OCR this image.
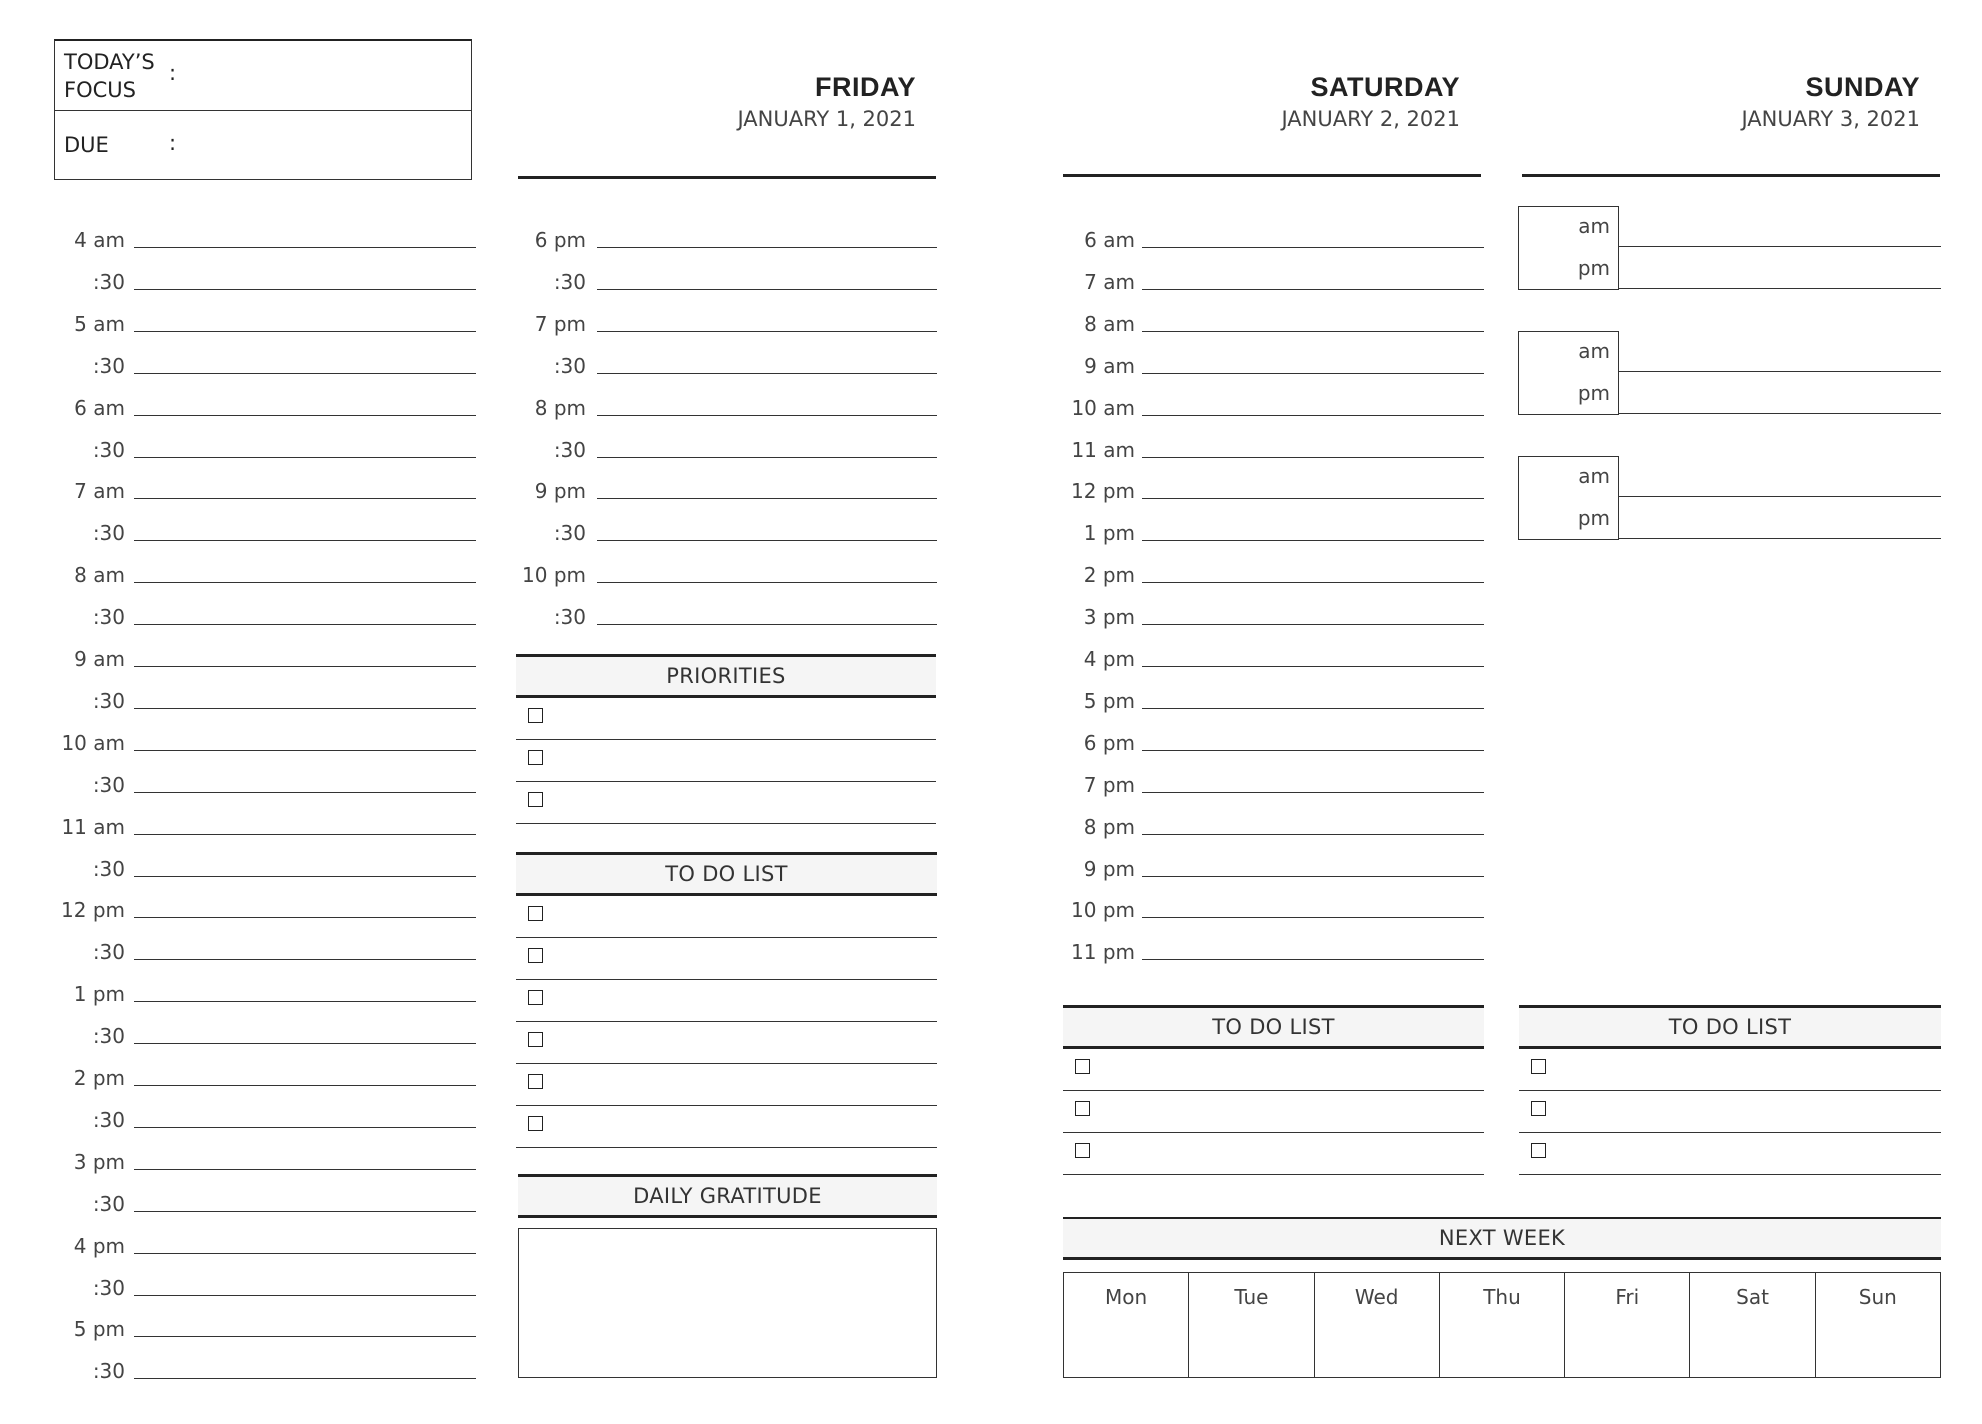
TODAY’S
FOCUS
:
DUE	:
FRIDAY
JANUARY 1, 2021
SATURDAY
JANUARY 2, 2021
SUNDAY
JANUARY 3, 2021
4 am
:30
5 am
:30
6 am
:30
7 am
:30
8 am
:30
9 am
:30
10 am
:30
11 am
:30
12 pm
:30
1 pm
:30
2 pm
:30
3 pm
:30
4 pm
:30
5 pm
:30
6 pm
:30
7 pm
:30
8 pm
:30
9 pm
:30
10 pm
:30
6 am
7 am
8 am
9 am
10 am
11 am
12 pm
1 pm
2 pm
3 pm
4 pm
5 pm
6 pm
7 pm
8 pm
9 pm
10 pm
11 pm
am
pm
am
pm
am
pm
PRIORITIES
TO DO LIST
DAILY GRATITUDE
TO DO LIST	TO DO LIST
NEXT WEEK
Mon	Tue	Wed	Thu	Fri	Sat	Sun
